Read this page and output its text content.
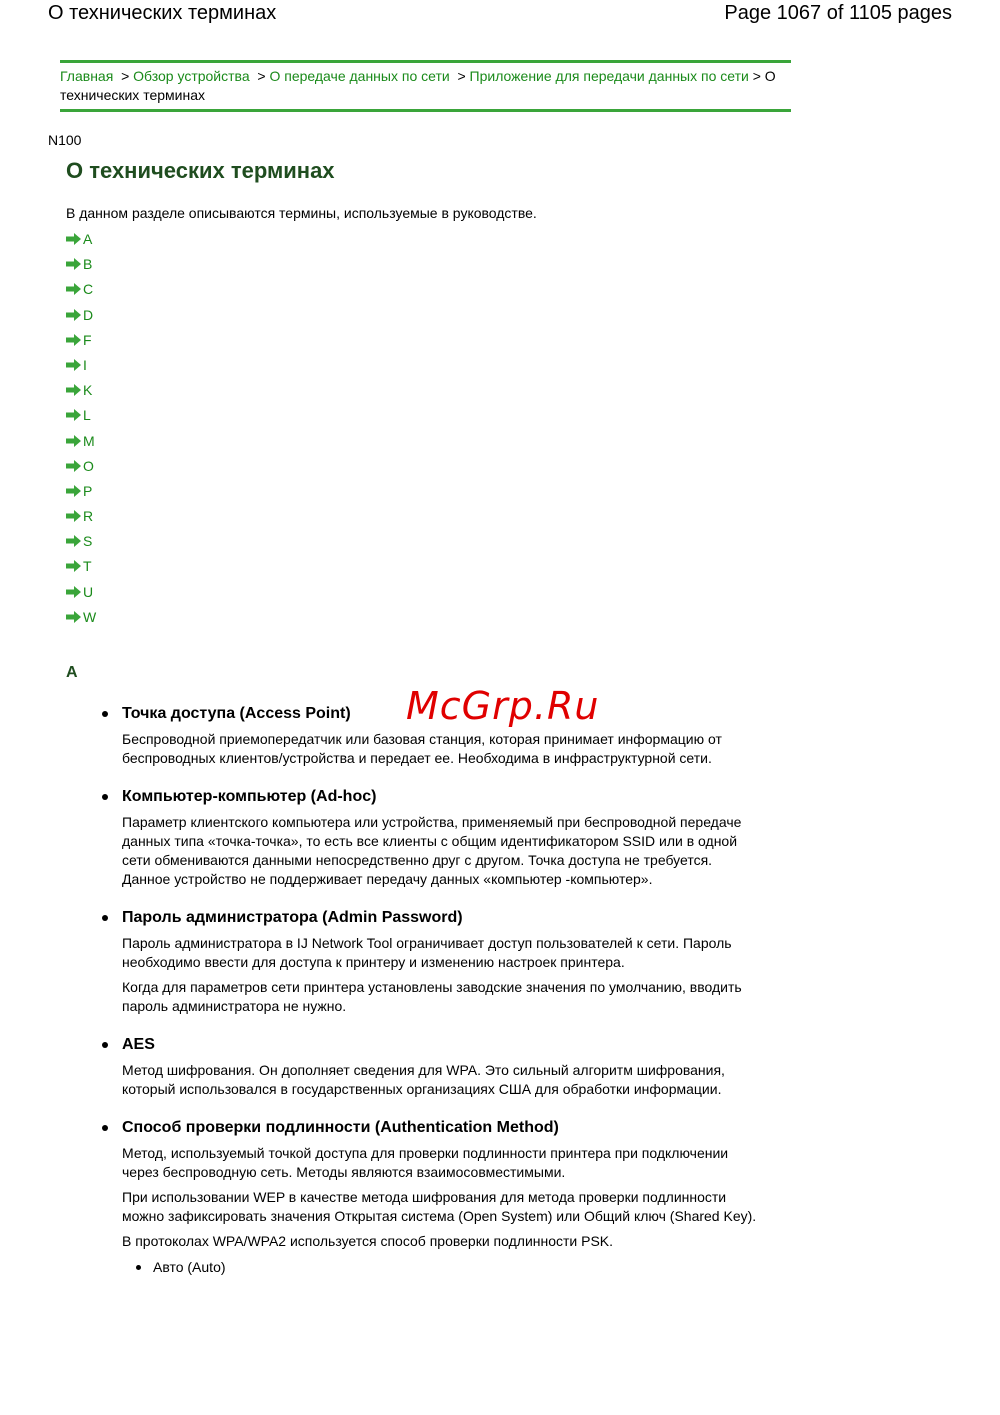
О технических терминах	Page 1067 of 1105 pages
Главная  > Обзор устройства  > О передаче данных по сети  > Приложение для передачи данных по сети > О технических терминах
N100
О технических терминах
В данном разделе описываются термины, используемые в руководстве.
A
B
C
D
F
I
K
L
M
O
P
R
S
T
U
W
A
Точка доступа (Access Point)

Беспроводной приемопередатчик или базовая станция, которая принимает информацию от беспроводных клиентов/устройства и передает ее. Необходима в инфраструктурной сети.

Компьютер-компьютер (Ad-hoc)

Параметр клиентского компьютера или устройства, применяемый при беспроводной передаче данных типа «точка-точка», то есть все клиенты с общим идентификатором SSID или в одной сети обмениваются данными непосредственно друг с другом. Точка доступа не требуется. Данное устройство не поддерживает передачу данных «компьютер -компьютер».

Пароль администратора (Admin Password)

Пароль администратора в IJ Network Tool ограничивает доступ пользователей к сети. Пароль необходимо ввести для доступа к принтеру и изменению настроек принтера.

Когда для параметров сети принтера установлены заводские значения по умолчанию, вводить пароль администратора не нужно.

AES

Метод шифрования. Он дополняет сведения для WPA. Это сильный алгоритм шифрования, который использовался в государственных организациях США для обработки информации.

Способ проверки подлинности (Authentication Method)

Метод, используемый точкой доступа для проверки подлинности принтера при подключении через беспроводную сеть. Методы являются взаимосовместимыми.

При использовании WEP в качестве метода шифрования для метода проверки подлинности можно зафиксировать значения Открытая система (Open System) или Общий ключ (Shared Key).

В протоколах WPA/WPA2 используется способ проверки подлинности PSK.

Авто (Auto)
McGrp.Ru
